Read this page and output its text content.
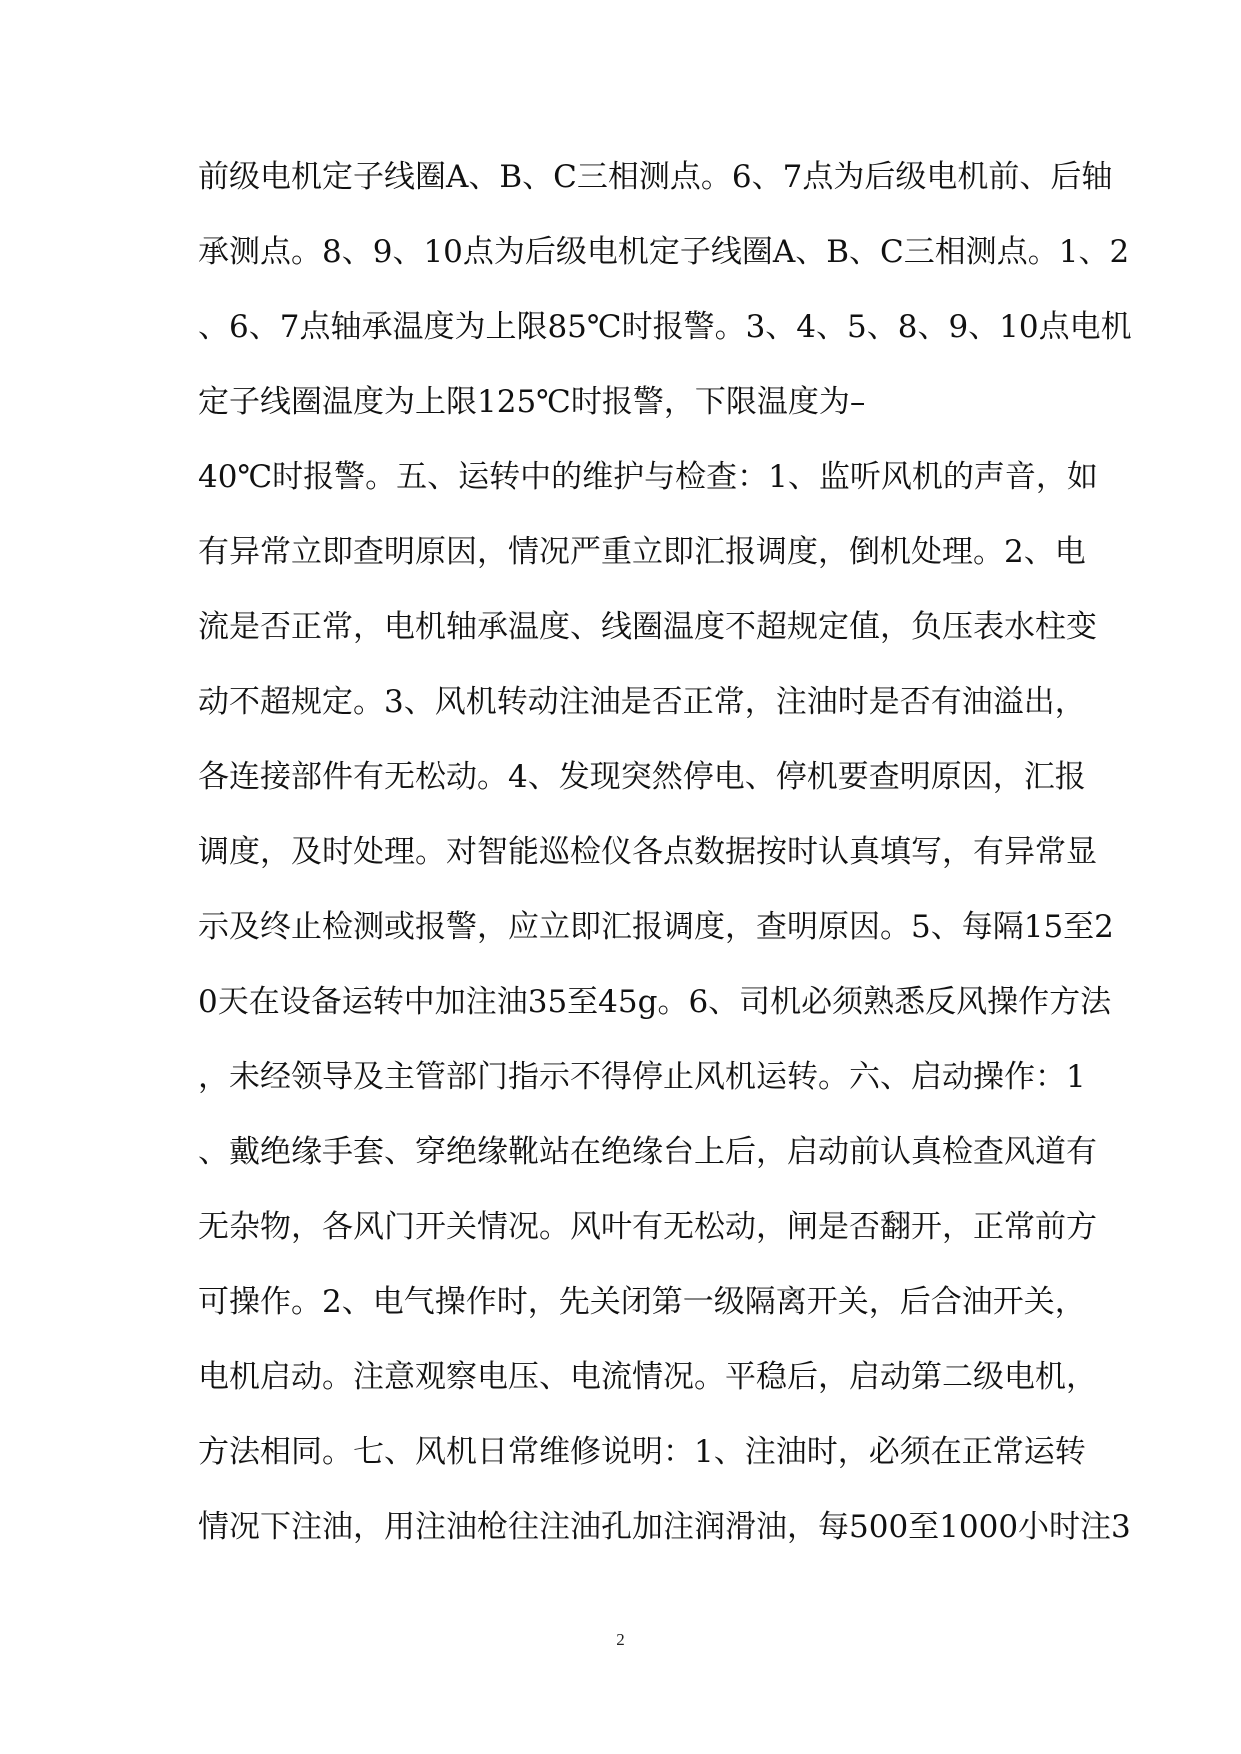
前级电机定子线圈A、B、C三相测点。6、7点为后级电机前、后轴
承测点。8、9、10点为后级电机定子线圈A、B、C三相测点。1、2
、6、7点轴承温度为上限85℃时报警。3、4、5、8、9、10点电机
定子线圈温度为上限125℃时报警，下限温度为–
40℃时报警。五、运转中的维护与检查：1、监听风机的声音，如
有异常立即查明原因，情况严重立即汇报调度，倒机处理。2、电
流是否正常，电机轴承温度、线圈温度不超规定值，负压表水柱变
动不超规定。3、风机转动注油是否正常，注油时是否有油溢出，
各连接部件有无松动。4、发现突然停电、停机要查明原因，汇报
调度，及时处理。对智能巡检仪各点数据按时认真填写，有异常显
示及终止检测或报警，应立即汇报调度，查明原因。5、每隔15至2
0天在设备运转中加注油35至45g。6、司机必须熟悉反风操作方法
，未经领导及主管部门指示不得停止风机运转。六、启动操作：1
、戴绝缘手套、穿绝缘靴站在绝缘台上后，启动前认真检查风道有
无杂物，各风门开关情况。风叶有无松动，闸是否翻开，正常前方
可操作。2、电气操作时，先关闭第一级隔离开关，后合油开关，
电机启动。注意观察电压、电流情况。平稳后，启动第二级电机，
方法相同。七、风机日常维修说明：1、注油时，必须在正常运转
情况下注油，用注油枪往注油孔加注润滑油，每500至1000小时注3
2
